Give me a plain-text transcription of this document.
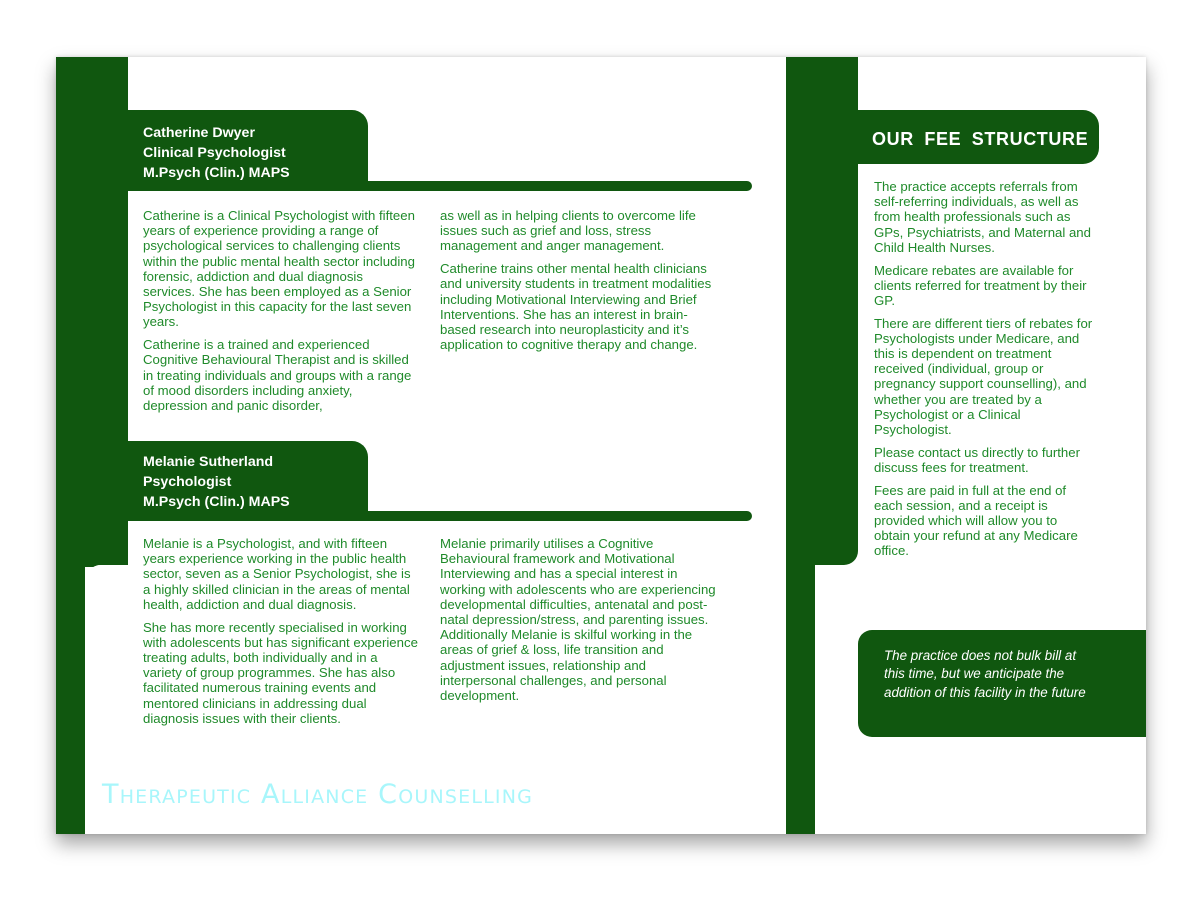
Catherine Dwyer
Clinical Psychologist
M.Psych (Clin.) MAPS

Catherine is a Clinical Psychologist with fifteen years of experience providing a range of psychological services to challenging clients within the public mental health sector including forensic, addiction and dual diagnosis services. She has been employed as a Senior Psychologist in this capacity for the last seven years.

Catherine is a trained and experienced Cognitive Behavioural Therapist and is skilled in treating individuals and groups with a range of mood disorders including anxiety, depression and panic disorder,

as well as in helping clients to overcome life issues such as grief and loss, stress management and anger management.

Catherine trains other mental health clinicians and university students in treatment modalities including Motivational Interviewing and Brief Interventions. She has an interest in brain-based research into neuroplasticity and it’s application to cognitive therapy and change.

Melanie Sutherland
Psychologist
M.Psych (Clin.) MAPS

Melanie is a Psychologist, and with fifteen years experience working in the public health sector, seven as a Senior Psychologist, she is a highly skilled clinician in the areas of mental health, addiction and dual diagnosis.

She has more recently specialised in working with adolescents but has significant experience treating adults, both individually and in a variety of group programmes. She has also facilitated numerous training events and mentored clinicians in addressing dual diagnosis issues with their clients.

Melanie primarily utilises a Cognitive Behavioural framework and Motivational Interviewing and has a special interest in working with adolescents who are experiencing developmental difficulties, antenatal and post-natal depression/stress, and parenting issues. Additionally Melanie is skilful working in the areas of grief & loss, life transition and adjustment issues, relationship and interpersonal challenges, and personal development.

Therapeutic Alliance Counselling
OUR FEE STRUCTURE

The practice accepts referrals from self-referring individuals, as well as from health professionals such as GPs, Psychiatrists, and Maternal and Child Health Nurses.

Medicare rebates are available for clients referred for treatment by their GP.

There are different tiers of rebates for Psychologists under Medicare, and this is dependent on treatment received (individual, group or pregnancy support counselling), and whether you are treated by a Psychologist or a Clinical Psychologist.

Please contact us directly to further discuss fees for treatment.

Fees are paid in full at the end of each session, and a receipt is provided which will allow you to obtain your refund at any Medicare office.

The practice does not bulk bill at this time, but we anticipate the addition of this facility in the future
